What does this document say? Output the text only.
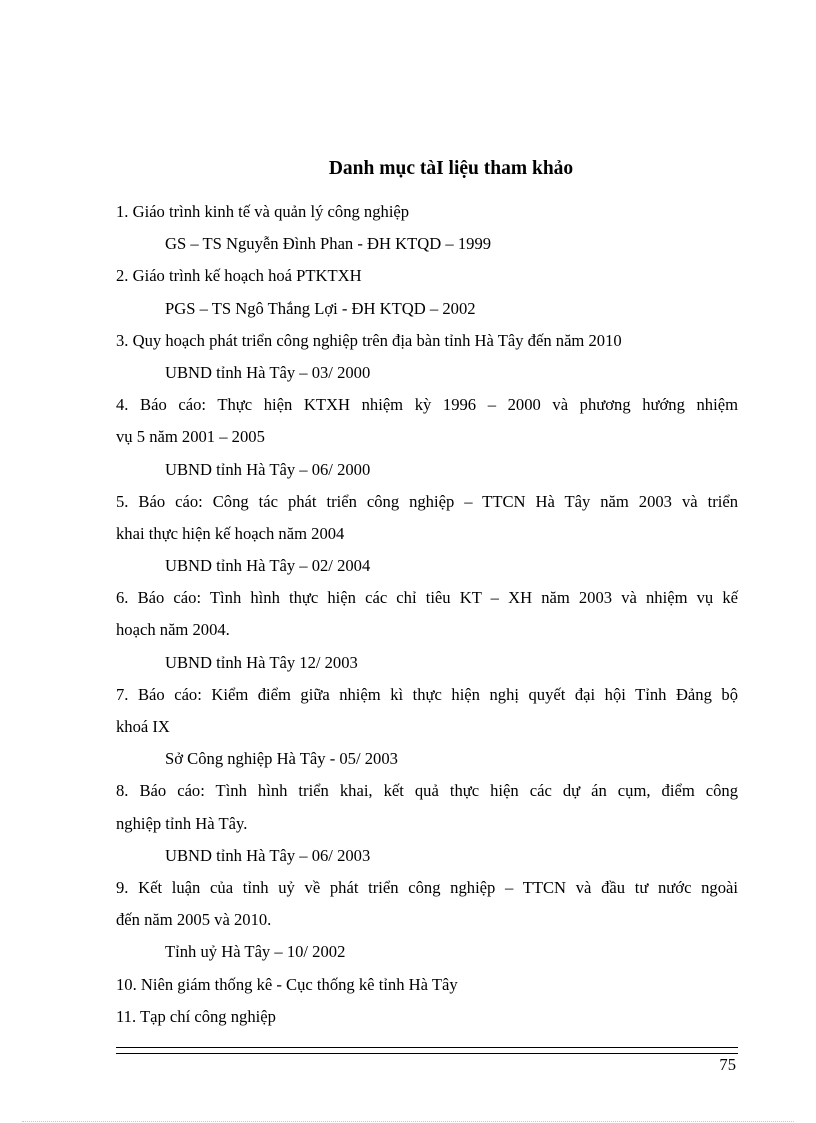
Danh mục tàI liệu tham khảo
1. Giáo trình kinh tế và quản lý công nghiệp
GS – TS Nguyễn Đình Phan - ĐH KTQD – 1999
2. Giáo trình kế hoạch hoá PTKTXH
PGS – TS Ngô Thắng Lợi - ĐH KTQD – 2002
3. Quy hoạch phát triển công nghiệp trên địa bàn tỉnh Hà Tây đến năm 2010
UBND tỉnh Hà Tây – 03/ 2000
4. Báo cáo: Thực hiện KTXH nhiệm kỳ 1996 – 2000 và phương hướng nhiệm
vụ 5 năm 2001 – 2005
UBND tỉnh Hà Tây – 06/ 2000
5. Báo cáo: Công tác phát triển công nghiệp – TTCN Hà Tây năm 2003 và triển
khai thực hiện kế hoạch năm 2004
UBND tỉnh Hà Tây – 02/ 2004
6. Báo cáo: Tình hình thực hiện các chỉ tiêu KT – XH năm 2003 và nhiệm vụ kế
hoạch năm 2004.
UBND tỉnh Hà Tây 12/ 2003
7. Báo cáo: Kiểm điểm giữa nhiệm kì thực hiện nghị quyết đại hội Tỉnh Đảng bộ
khoá IX
Sở Công nghiệp Hà Tây - 05/ 2003
8. Báo cáo: Tình hình triển khai, kết quả thực hiện các dự án cụm, điểm công
nghiệp tỉnh Hà Tây.
UBND tỉnh Hà Tây – 06/ 2003
9. Kết luận của tỉnh uỷ về phát triển công nghiệp – TTCN và đầu tư nước ngoài
đến năm 2005 và 2010.
Tỉnh uỷ Hà Tây – 10/ 2002
10. Niên giám thống kê - Cục thống kê tỉnh Hà Tây
11. Tạp chí công nghiệp
75
